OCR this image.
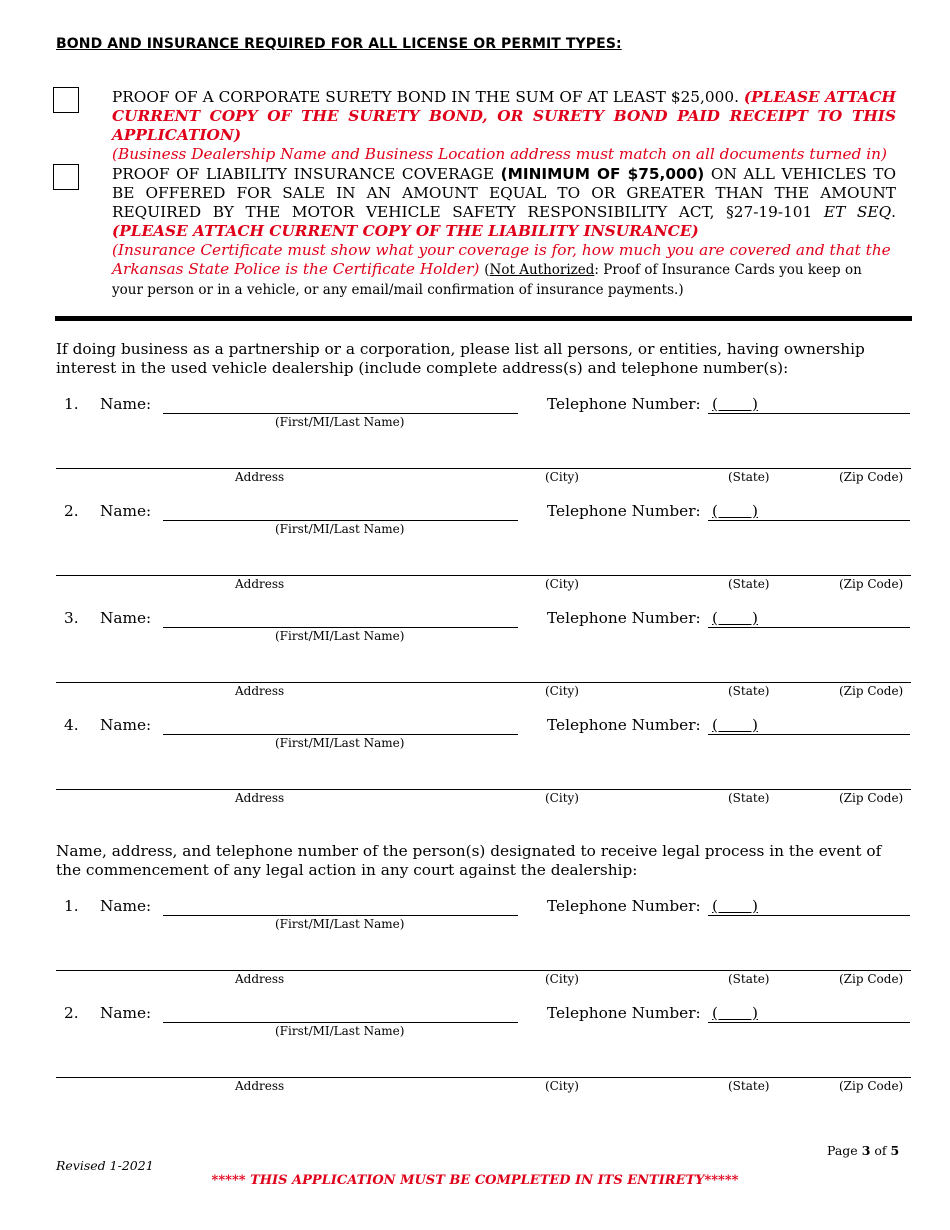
BOND AND INSURANCE REQUIRED FOR ALL LICENSE OR PERMIT TYPES:
PROOF OF A CORPORATE SURETY BOND IN THE SUM OF AT LEAST $25,000. (PLEASE ATTACH CURRENT COPY OF THE SURETY BOND, OR SURETY BOND PAID RECEIPT TO THIS APPLICATION)
(Business Dealership Name and Business Location address must match on all documents turned in)
PROOF OF LIABILITY INSURANCE COVERAGE (MINIMUM OF $75,000) ON ALL VEHICLES TO BE OFFERED FOR SALE IN AN AMOUNT EQUAL TO OR GREATER THAN THE AMOUNT REQUIRED BY THE MOTOR VEHICLE SAFETY RESPONSIBILITY ACT, §27-19-101 ET SEQ. (PLEASE ATTACH CURRENT COPY OF THE LIABILITY INSURANCE)
(Insurance Certificate must show what your coverage is for, how much you are covered and that the Arkansas State Police is the Certificate Holder) (Not Authorized: Proof of Insurance Cards you keep on your person or in a vehicle, or any email/mail confirmation of insurance payments.)
If doing business as a partnership or a corporation, please list all persons, or entities, having ownership interest in the used vehicle dealership (include complete address(s) and telephone number(s):
1. Name:
(First/MI/Last Name)
Telephone Number: (       )
Address	(City)	(State)	(Zip Code)
2. Name:
(First/MI/Last Name)
Telephone Number: (       )
Address	(City)	(State)	(Zip Code)
3. Name:
(First/MI/Last Name)
Telephone Number: (       )
Address	(City)	(State)	(Zip Code)
4. Name:
(First/MI/Last Name)
Telephone Number: (       )
Address	(City)	(State)	(Zip Code)
Name, address, and telephone number of the person(s) designated to receive legal process in the event of the commencement of any legal action in any court against the dealership:
1. Name:
(First/MI/Last Name)
Telephone Number: (       )
Address	(City)	(State)	(Zip Code)
2. Name:
(First/MI/Last Name)
Telephone Number: (       )
Address	(City)	(State)	(Zip Code)
Page 3 of 5
Revised 1-2021
***** THIS APPLICATION MUST BE COMPLETED IN ITS ENTIRETY*****
